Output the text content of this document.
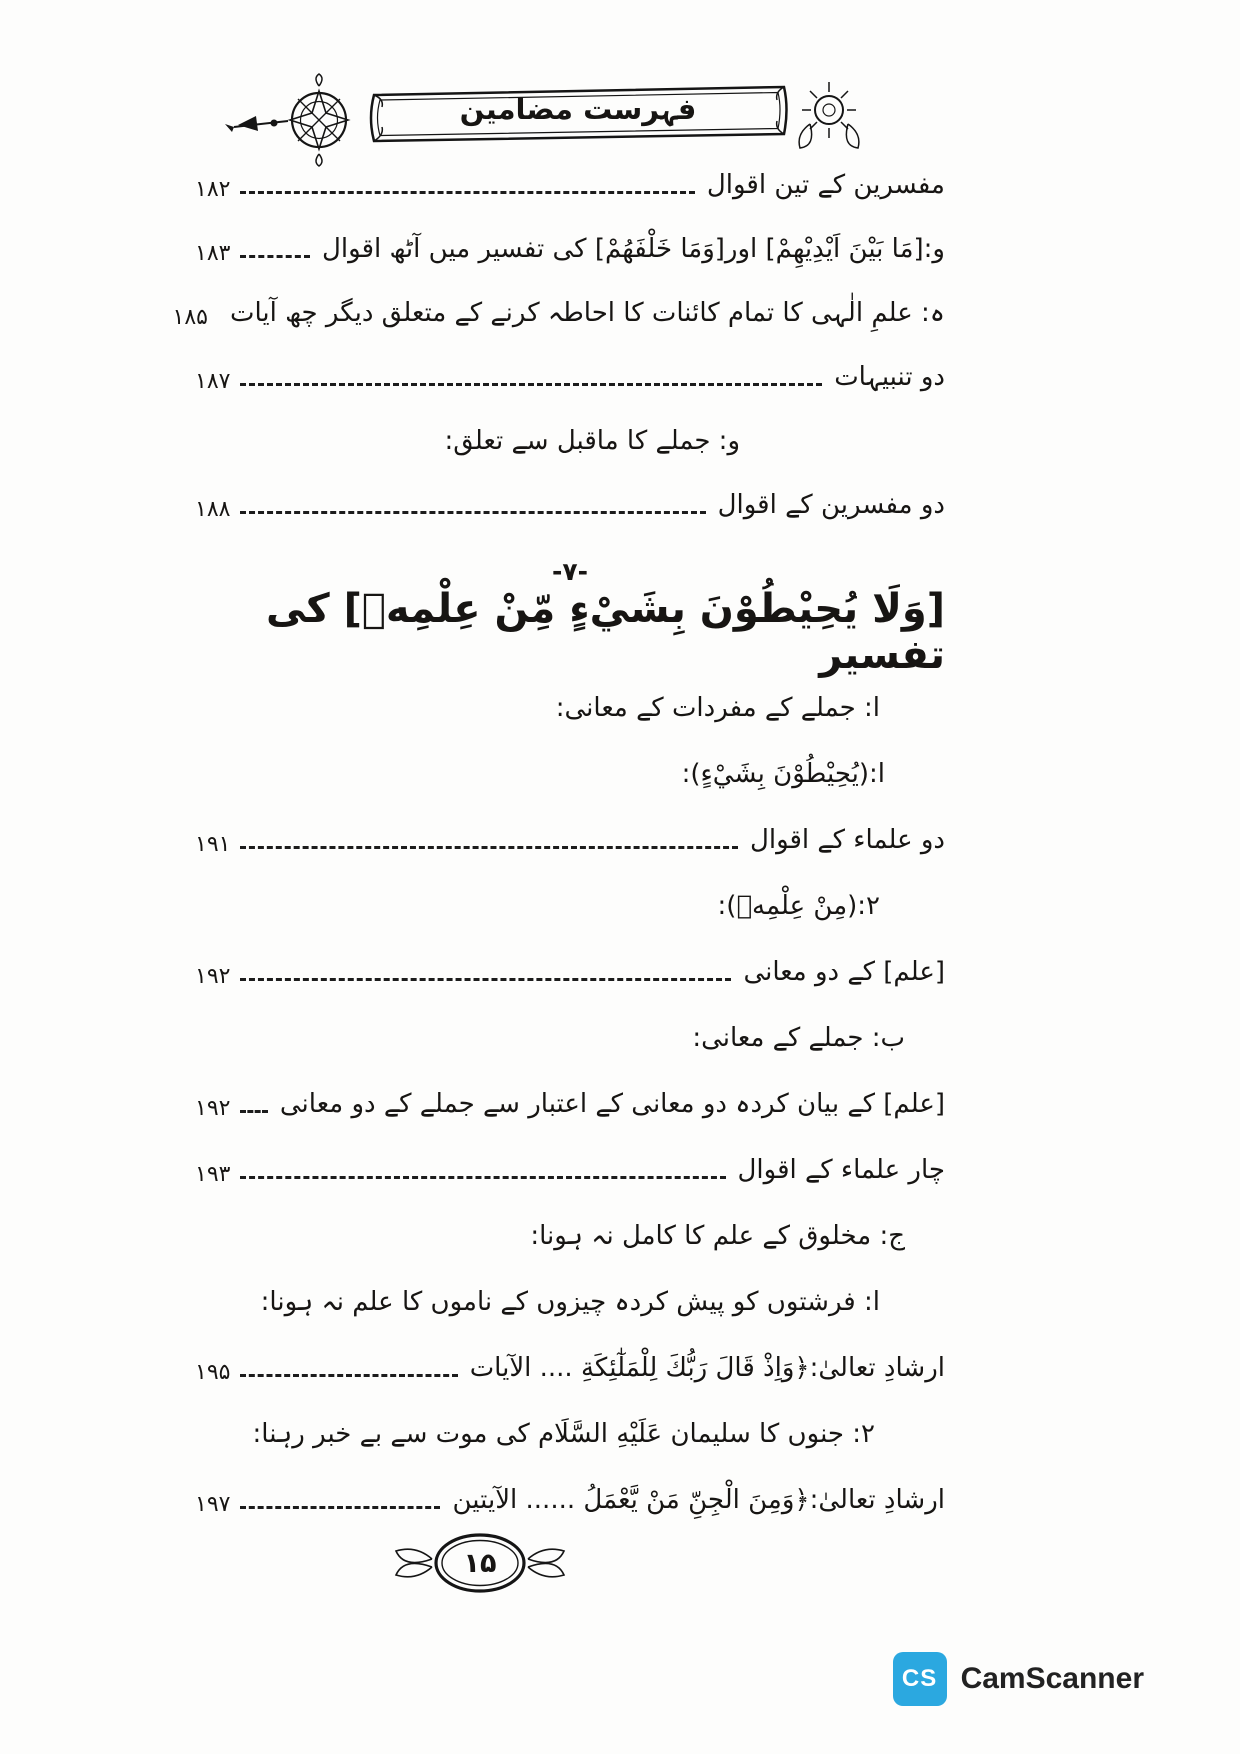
فہرست مضامین
مفسرین کے تین اقوال
۱۸۲
و:[مَا بَيْنَ اَيْدِيْهِمْ] اور[وَمَا خَلْفَهُمْ] کی تفسیر میں آٹھ اقوال
۱۸۳
ہ: علمِ الٰہی کا تمام کائنات کا احاطہ کرنے کے متعلق دیگر چھ آیات
۱۸۵
دو تنبیہات
۱۸۷
و: جملے کا ماقبل سے تعلق:
دو مفسرین کے اقوال
۱۸۸
-۷-
[وَلَا يُحِيْطُوْنَ بِشَيْءٍ مِّنْ عِلْمِهٖ] کی تفسیر
ا: جملے کے مفردات کے معانی:
ا:(يُحِيْطُوْنَ بِشَيْءٍ):
دو علماء کے اقوال
۱۹۱
۲:(مِنْ عِلْمِهٖ):
[علم] کے دو معانی
۱۹۲
ب: جملے کے معانی:
[علم] کے بیان کردہ دو معانی کے اعتبار سے جملے کے دو معانی
۱۹۲
چار علماء کے اقوال
۱۹۳
ج: مخلوق کے علم کا کامل نہ ہونا:
ا: فرشتوں کو پیش کردہ چیزوں کے ناموں کا علم نہ ہونا:
ارشادِ تعالیٰ:﴿وَاِذْ قَالَ رَبُّكَ لِلْمَلٰٓئِكَةِ .... الآیات
۱۹۵
۲: جنوں کا سلیمان عَلَيْهِ السَّلَام کی موت سے بے خبر رہنا:
ارشادِ تعالیٰ:﴿وَمِنَ الْجِنِّ مَنْ يَّعْمَلُ ...... الآیتین
۱۹۷
۱۵
CS CamScanner
